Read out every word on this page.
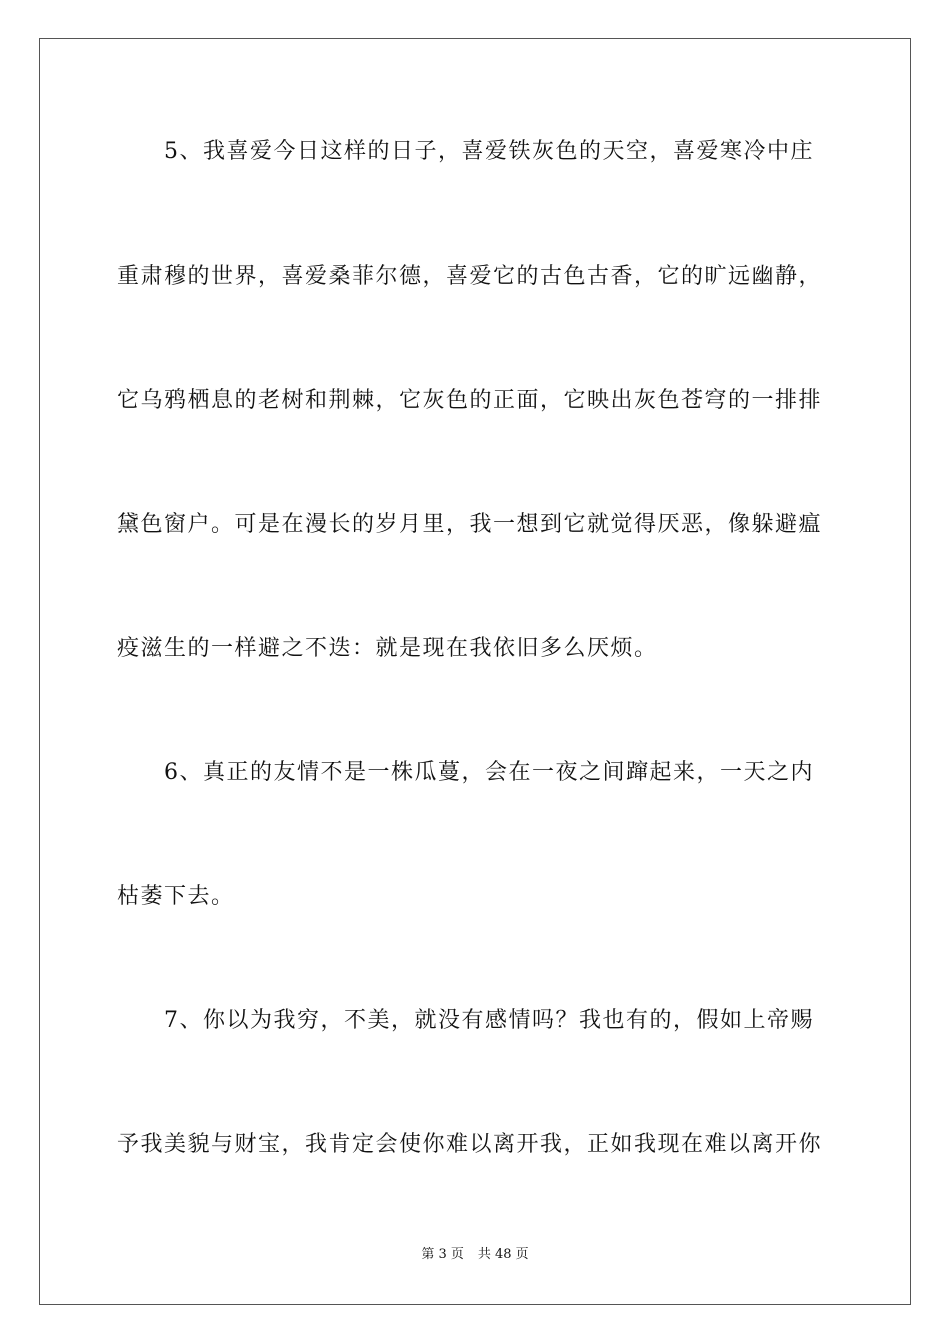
　　5、我喜爱今日这样的日子，喜爱铁灰色的天空，喜爱寒冷中庄
重肃穆的世界，喜爱桑菲尔德，喜爱它的古色古香，它的旷远幽静，
它乌鸦栖息的老树和荆棘，它灰色的正面，它映出灰色苍穹的一排排
黛色窗户。可是在漫长的岁月里，我一想到它就觉得厌恶，像躲避瘟
疫滋生的一样避之不迭：就是现在我依旧多么厌烦。
　　6、真正的友情不是一株瓜蔓，会在一夜之间蹿起来，一天之内
枯萎下去。
　　7、你以为我穷，不美，就没有感情吗？我也有的，假如上帝赐
予我美貌与财宝，我肯定会使你难以离开我，正如我现在难以离开你
第 3 页 共 48 页
